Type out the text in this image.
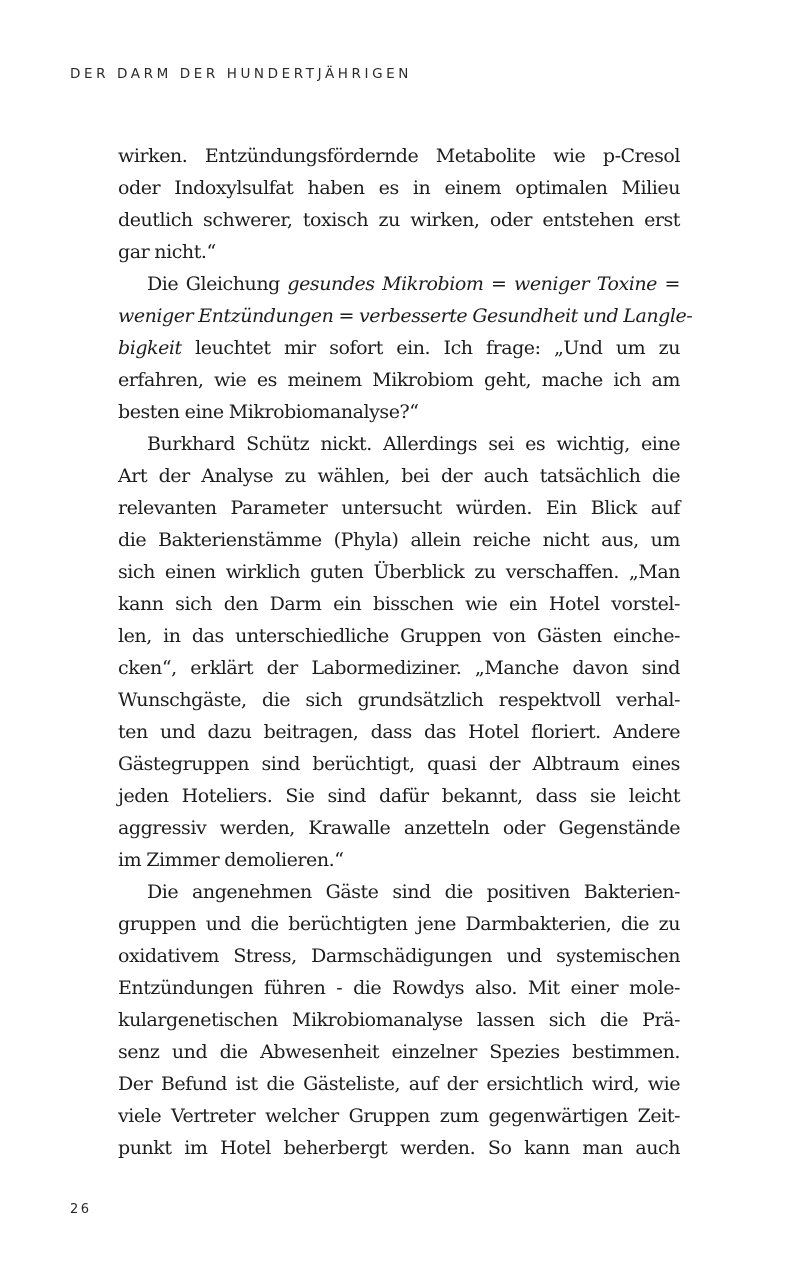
DER DARM DER HUNDERTJÄHRIGEN
wirken. Entzündungsfördernde Metabolite wie p-Cresol
oder Indoxylsulfat haben es in einem optimalen Milieu
deutlich schwerer, toxisch zu wirken, oder entstehen erst
gar nicht.“
Die Gleichung gesundes Mikrobiom = weniger Toxine =
weniger Entzündungen = verbesserte Gesundheit und Langle-
bigkeit leuchtet mir sofort ein. Ich frage: „Und um zu
erfahren, wie es meinem Mikrobiom geht, mache ich am
besten eine Mikrobiomanalyse?“
Burkhard Schütz nickt. Allerdings sei es wichtig, eine
Art der Analyse zu wählen, bei der auch tatsächlich die
relevanten Parameter untersucht würden. Ein Blick auf
die Bakterienstämme (Phyla) allein reiche nicht aus, um
sich einen wirklich guten Überblick zu verschaffen. „Man
kann sich den Darm ein bisschen wie ein Hotel vorstel-
len, in das unterschiedliche Gruppen von Gästen einche-
cken“, erklärt der Labormediziner. „Manche davon sind
Wunschgäste, die sich grundsätzlich respektvoll verhal-
ten und dazu beitragen, dass das Hotel floriert. Andere
Gästegruppen sind berüchtigt, quasi der Albtraum eines
jeden Hoteliers. Sie sind dafür bekannt, dass sie leicht
aggressiv werden, Krawalle anzetteln oder Gegenstände
im Zimmer demolieren.“
Die angenehmen Gäste sind die positiven Bakterien-
gruppen und die berüchtigten jene Darmbakterien, die zu
oxidativem Stress, Darmschädigungen und systemischen
Entzündungen führen - die Rowdys also. Mit einer mole-
kulargenetischen Mikrobiomanalyse lassen sich die Prä-
senz und die Abwesenheit einzelner Spezies bestimmen.
Der Befund ist die Gästeliste, auf der ersichtlich wird, wie
viele Vertreter welcher Gruppen zum gegenwärtigen Zeit-
punkt im Hotel beherbergt werden. So kann man auch
26
